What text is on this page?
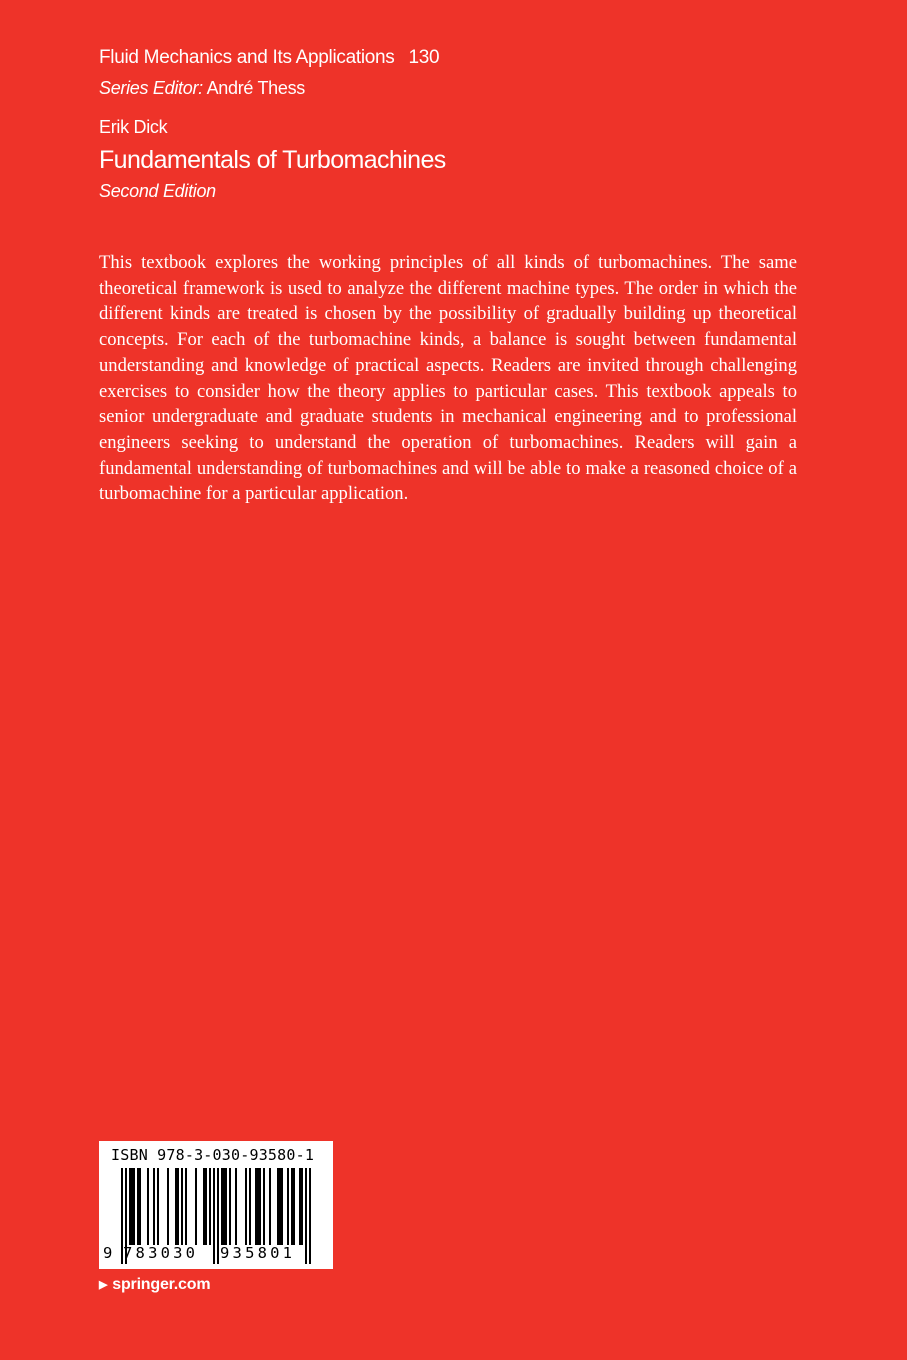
Fluid Mechanics and Its Applications 130
Series Editor: André Thess
Erik Dick
Fundamentals of Turbomachines
Second Edition

This textbook explores the working principles of all kinds of turbomachines. The same theoretical framework is used to analyze the different machine types. The order in which the different kinds are treated is chosen by the possibility of gradually building up theoretical concepts. For each of the turbomachine kinds, a balance is sought between fundamental understanding and knowledge of practical aspects. Readers are invited through challenging exercises to consider how the theory applies to particular cases. This textbook appeals to senior undergraduate and graduate students in mechanical engineering and to professional engineers seeking to understand the operation of turbomachines. Readers will gain a fundamental understanding of turbomachines and will be able to make a reasoned choice of a turbomachine for a particular application.

ISBN 978-3-030-93580-1
9 783030 935801
▶ springer.com
